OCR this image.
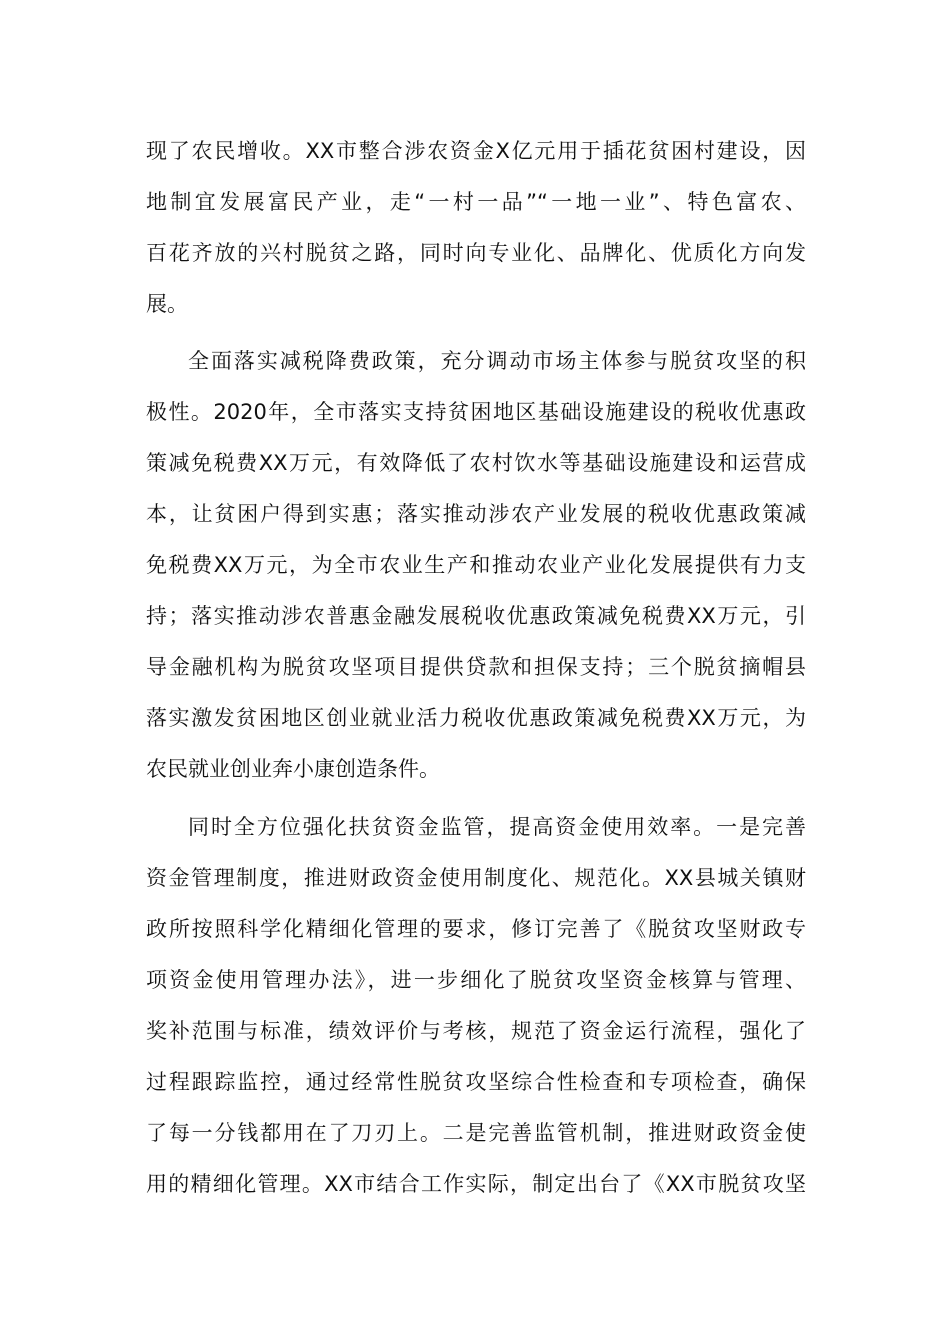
现了农民增收。XX市整合涉农资金X亿元用于插花贫困村建设，因
地制宜发展富民产业，走“一村一品”“一地一业”、特色富农、
百花齐放的兴村脱贫之路，同时向专业化、品牌化、优质化方向发
展。
全面落实减税降费政策，充分调动市场主体参与脱贫攻坚的积
极性。2020年，全市落实支持贫困地区基础设施建设的税收优惠政
策减免税费XX万元，有效降低了农村饮水等基础设施建设和运营成
本，让贫困户得到实惠；落实推动涉农产业发展的税收优惠政策减
免税费XX万元，为全市农业生产和推动农业产业化发展提供有力支
持；落实推动涉农普惠金融发展税收优惠政策减免税费XX万元，引
导金融机构为脱贫攻坚项目提供贷款和担保支持；三个脱贫摘帽县
落实激发贫困地区创业就业活力税收优惠政策减免税费XX万元，为
农民就业创业奔小康创造条件。
同时全方位强化扶贫资金监管，提高资金使用效率。一是完善
资金管理制度，推进财政资金使用制度化、规范化。XX县城关镇财
政所按照科学化精细化管理的要求，修订完善了《脱贫攻坚财政专
项资金使用管理办法》，进一步细化了脱贫攻坚资金核算与管理、
奖补范围与标准，绩效评价与考核，规范了资金运行流程，强化了
过程跟踪监控，通过经常性脱贫攻坚综合性检查和专项检查，确保
了每一分钱都用在了刀刃上。二是完善监管机制，推进财政资金使
用的精细化管理。XX市结合工作实际，制定出台了《XX市脱贫攻坚
